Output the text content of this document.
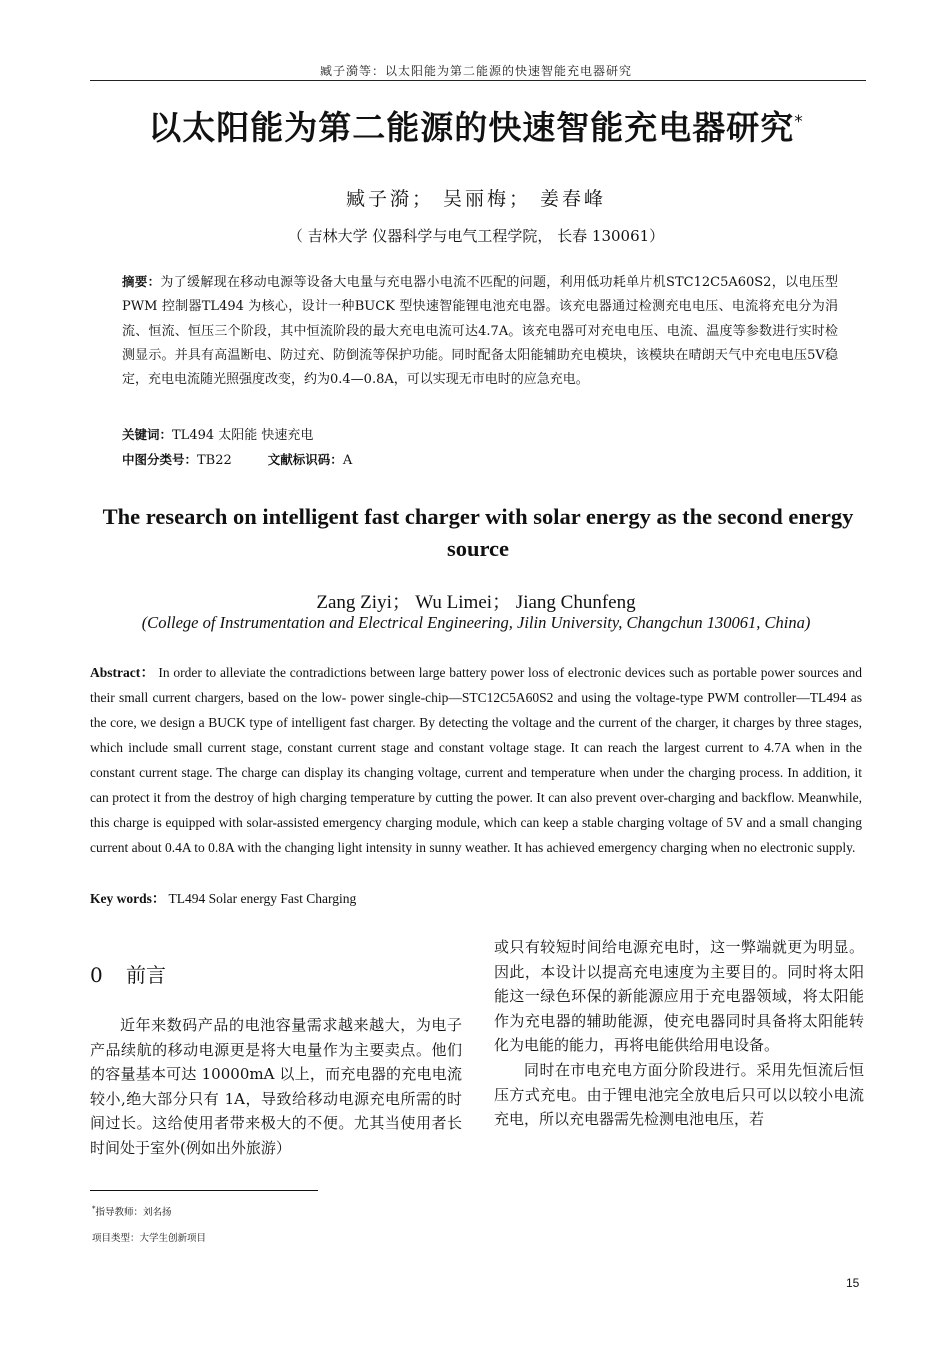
臧子漪等：以太阳能为第二能源的快速智能充电器研究
以太阳能为第二能源的快速智能充电器研究*
臧子漪； 吴丽梅； 姜春峰
（ 吉林大学 仪器科学与电气工程学院， 长春 130061）
摘要：为了缓解现在移动电源等设备大电量与充电器小电流不匹配的问题，利用低功耗单片机STC12C5A60S2，以电压型PWM 控制器TL494 为核心，设计一种BUCK 型快速智能锂电池充电器。该充电器通过检测充电电压、电流将充电分为涓流、恒流、恒压三个阶段，其中恒流阶段的最大充电电流可达4.7A。该充电器可对充电电压、电流、温度等参数进行实时检测显示。并具有高温断电、防过充、防倒流等保护功能。同时配备太阳能辅助充电模块，该模块在晴朗天气中充电电压5V稳定，充电电流随光照强度改变，约为0.4—0.8A，可以实现无市电时的应急充电。
关键词：TL494 太阳能 快速充电
中图分类号：TB22	文献标识码：A
The research on intelligent fast charger with solar energy as the second energy source
Zang Ziyi； Wu Limei； Jiang Chunfeng
(College of Instrumentation and Electrical Engineering, Jilin University, Changchun 130061, China)
Abstract： In order to alleviate the contradictions between large battery power loss of electronic devices such as portable power sources and their small current chargers, based on the low- power single-chip—STC12C5A60S2 and using the voltage-type PWM controller—TL494 as the core, we design a BUCK type of intelligent fast charger. By detecting the voltage and the current of the charger, it charges by three stages, which include small current stage, constant current stage and constant voltage stage. It can reach the largest current to 4.7A when in the constant current stage. The charge can display its changing voltage, current and temperature when under the charging process. In addition, it can protect it from the destroy of high charging temperature by cutting the power. It can also prevent over-charging and backflow. Meanwhile, this charge is equipped with solar-assisted emergency charging module, which can keep a stable charging voltage of 5V and a small changing current about 0.4A to 0.8A with the changing light intensity in sunny weather. It has achieved emergency charging when no electronic supply.
Key words： TL494 Solar energy Fast Charging
0 前言
近年来数码产品的电池容量需求越来越大，为电子产品续航的移动电源更是将大电量作为主要卖点。他们的容量基本可达 10000mA 以上，而充电器的充电电流较小,绝大部分只有 1A，导致给移动电源充电所需的时间过长。这给使用者带来极大的不便。尤其当使用者长时间处于室外(例如出外旅游）
或只有较短时间给电源充电时，这一弊端就更为明显。因此，本设计以提高充电速度为主要目的。同时将太阳能这一绿色环保的新能源应用于充电器领域，将太阳能作为充电器的辅助能源，使充电器同时具备将太阳能转化为电能的能力，再将电能供给用电设备。
同时在市电充电方面分阶段进行。采用先恒流后恒压方式充电。由于锂电池完全放电后只可以以较小电流充电，所以充电器需先检测电池电压，若
*指导教师：刘名扬
项目类型：大学生创新项目
15
